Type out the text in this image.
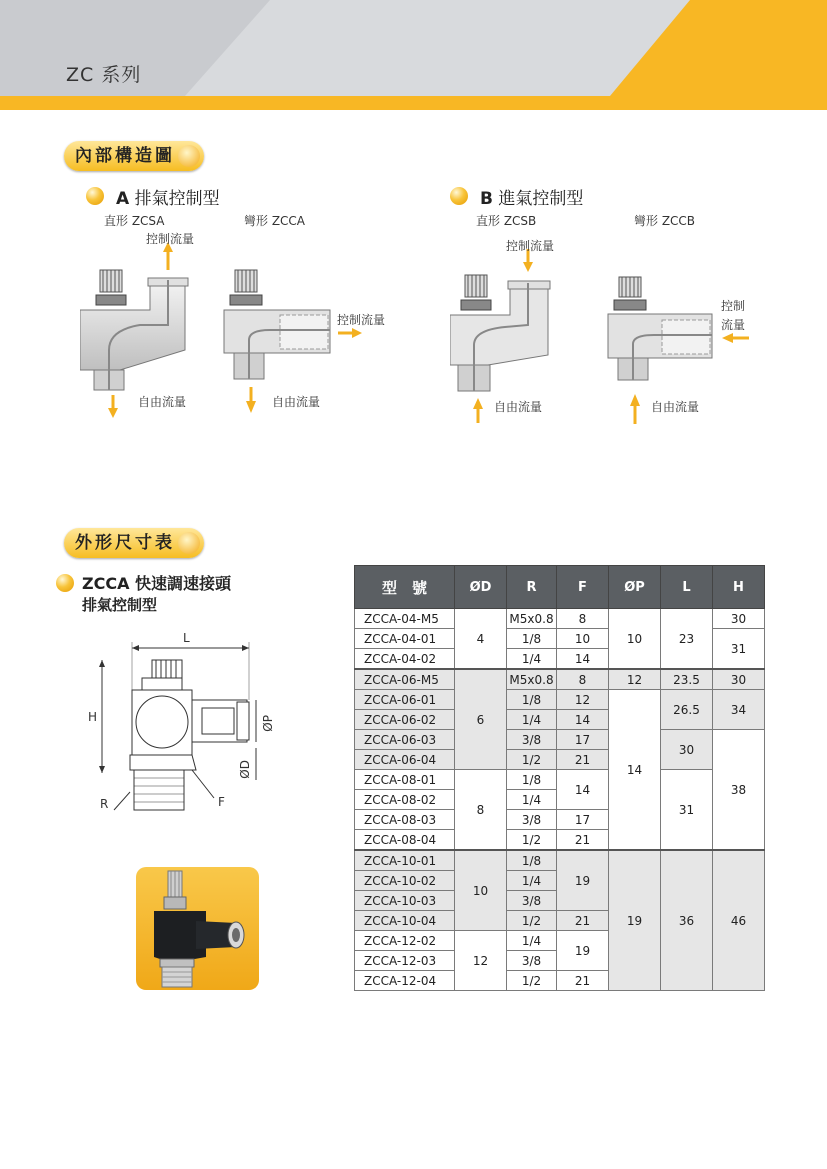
ZC 系列
內部構造圖
A 排氣控制型	B 進氣控制型
直形 ZCSA	彎形 ZCCA	直形 ZCSB	彎形 ZCCB
控制流量
自由流量
控制流量
自由流量
控制流量
自由流量
控制
流量
自由流量
外形尺寸表
ZCCA 快速調速接頭
排氣控制型
L
H	ØP
ØD
R	F
型　號	ØD	R	F	ØP	L	H
ZCCA-04-M5	4	M5x0.8	8	10	23	30
ZCCA-04-01		1/8	10			31
ZCCA-04-02		1/4	14			
ZCCA-06-M5	6	M5x0.8	8	12	23.5	30
ZCCA-06-01		1/8	12	14	26.5	34
ZCCA-06-02		1/4	14			
ZCCA-06-03		3/8	17		30	38
ZCCA-06-04		1/2	21			
ZCCA-08-01	8	1/8	14		31	
ZCCA-08-02		1/4				
ZCCA-08-03		3/8	17			
ZCCA-08-04		1/2	21			
ZCCA-10-01	10	1/8	19	19	36	46
ZCCA-10-02		1/4				
ZCCA-10-03		3/8				
ZCCA-10-04		1/2	21			
ZCCA-12-02	12	1/4	19			
ZCCA-12-03		3/8				
ZCCA-12-04		1/2	21			
